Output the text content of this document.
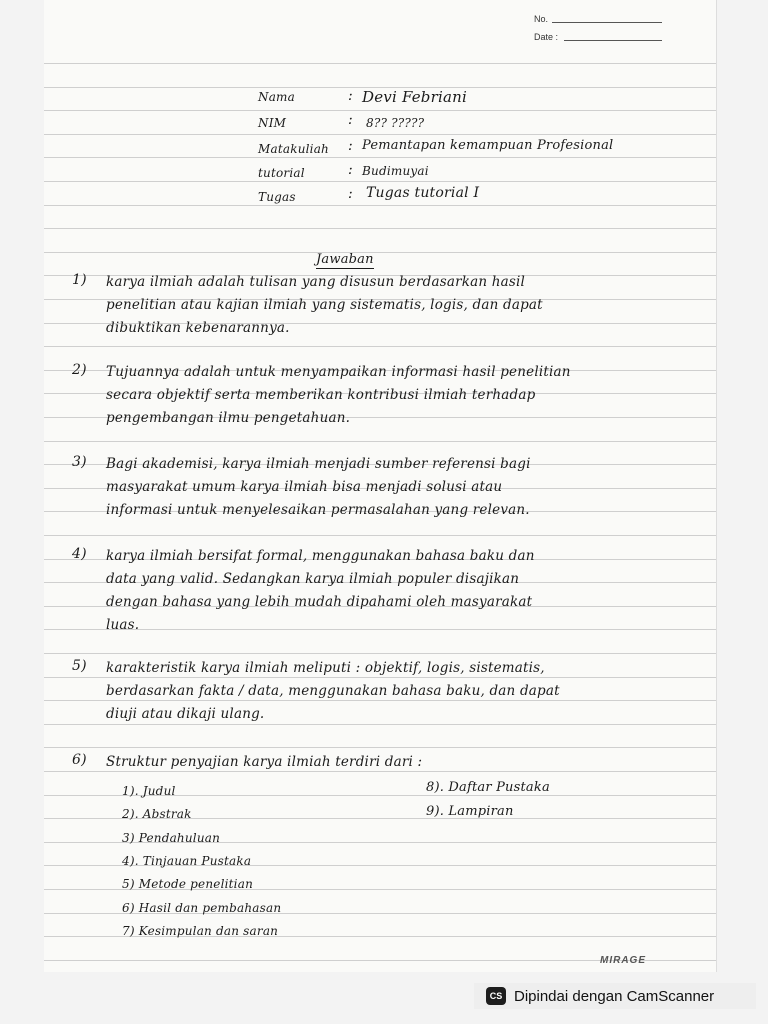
No.
Date :
Nama	: Devi Febriani
NIM	: 8?? ?????
Matakuliah : Pemantapan kemampuan Profesional
tutorial	: Budimuyai
Tugas	: Tugas tutorial I
Jawaban
1) karya ilmiah adalah tulisan yang disusun berdasarkan hasil
penelitian atau kajian ilmiah yang sistematis, logis, dan dapat
dibuktikan kebenarannya.
2) Tujuannya adalah untuk menyampaikan informasi hasil penelitian
secara objektif serta memberikan kontribusi ilmiah terhadap
pengembangan ilmu pengetahuan.
3) Bagi akademisi, karya ilmiah menjadi sumber referensi bagi
masyarakat umum karya ilmiah bisa menjadi solusi atau
informasi untuk menyelesaikan permasalahan yang relevan.
4) karya ilmiah bersifat formal, menggunakan bahasa baku dan
data yang valid. Sedangkan karya ilmiah populer disajikan
dengan bahasa yang lebih mudah dipahami oleh masyarakat
luas.
5) karakteristik karya ilmiah meliputi : objektif, logis, sistematis,
berdasarkan fakta / data, menggunakan bahasa baku, dan dapat
diuji atau dikaji ulang.
6) Struktur penyajian karya ilmiah terdiri dari :
1). Judul
2). Abstrak
3) Pendahuluan
4). Tinjauan Pustaka
5) Metode penelitian
6) Hasil dan pembahasan
7) Kesimpulan dan saran
8). Daftar Pustaka
9). Lampiran
MIRAGE
CS Dipindai dengan CamScanner
